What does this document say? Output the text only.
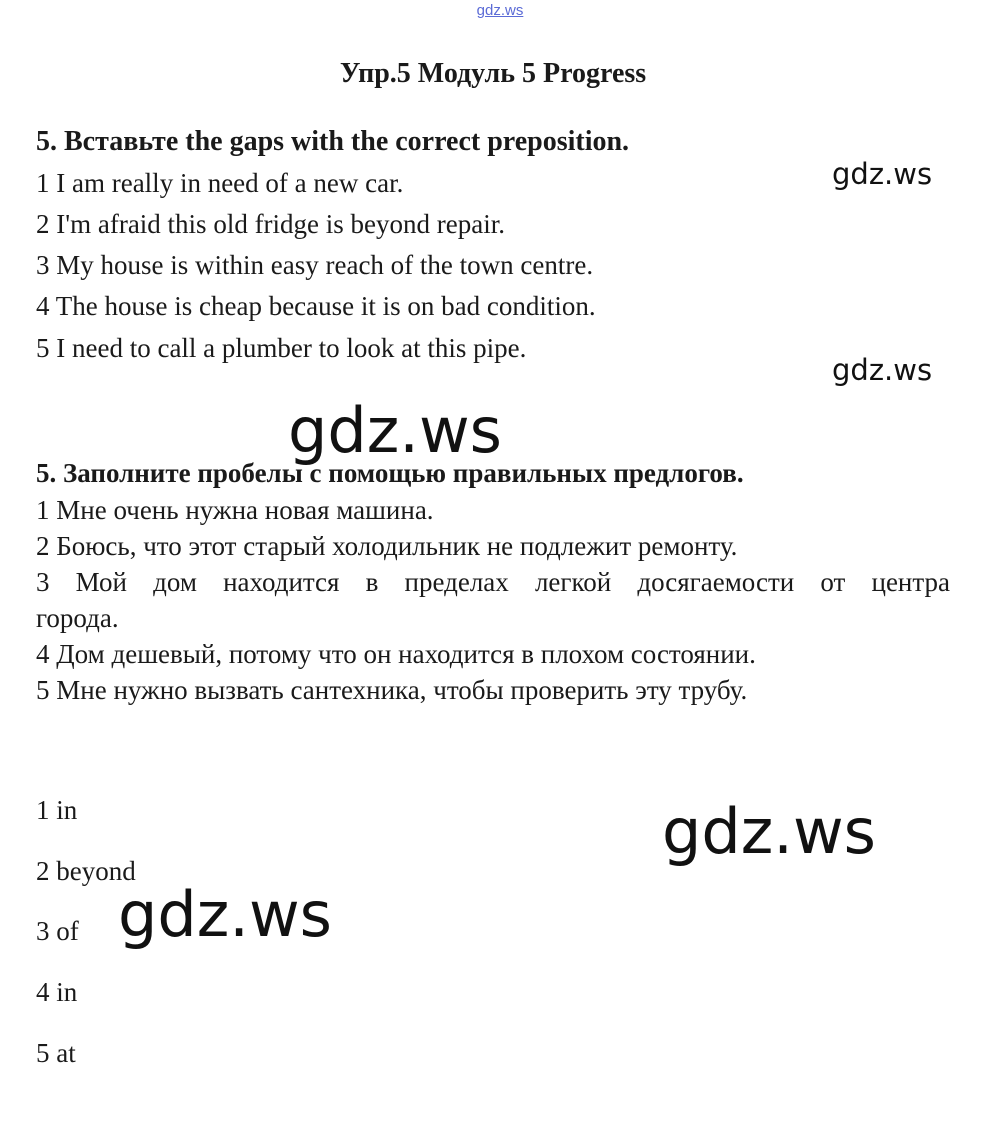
gdz.ws
Упр.5 Модуль 5 Progress
5. Вставьте the gaps with the correct preposition.
1 I am really in need of a new car.
2 I'm afraid this old fridge is beyond repair.
3 My house is within easy reach of the town centre.
4 The house is cheap because it is on bad condition.
5 I need to call a plumber to look at this pipe.
5. Заполните пробелы с помощью правильных предлогов.
1 Мне очень нужна новая машина.
2 Боюсь, что этот старый холодильник не подлежит ремонту.
3 Мой дом находится в пределах легкой досягаемости от центра
города.
4 Дом дешевый, потому что он находится в плохом состоянии.
5 Мне нужно вызвать сантехника, чтобы проверить эту трубу.
1 in
2 beyond
3 of
4 in
5 at
gdz.ws
gdz.ws
gdz.ws
gdz.ws
gdz.ws
